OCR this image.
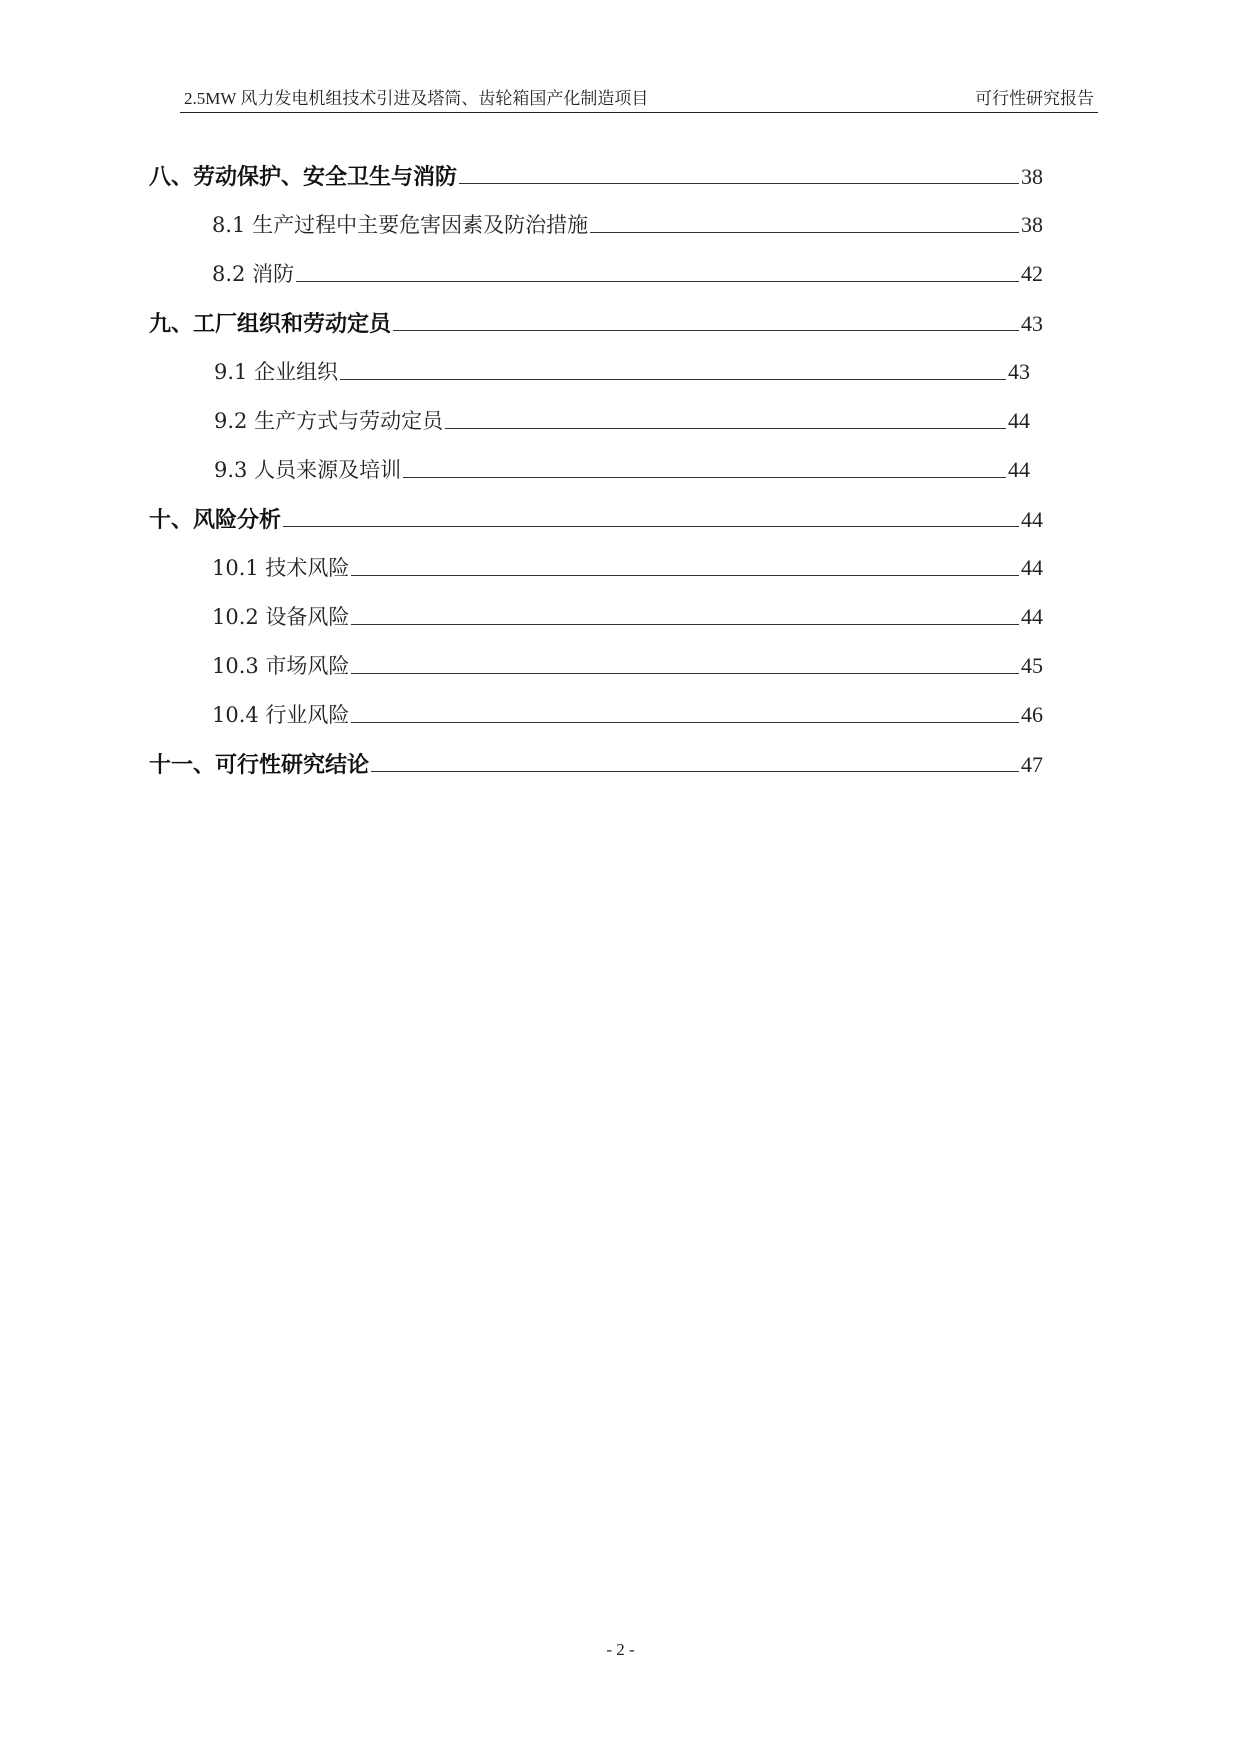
2.5MW 风力发电机组技术引进及塔筒、齿轮箱国产化制造项目	可行性研究报告
八、劳动保护、安全卫生与消防	38
8.1 生产过程中主要危害因素及防治措施	38
8.2 消防	42
九、工厂组织和劳动定员	43
9.1 企业组织	43
9.2 生产方式与劳动定员	44
9.3 人员来源及培训	44
十、风险分析	44
10.1 技术风险	44
10.2 设备风险	44
10.3 市场风险	45
10.4 行业风险	46
十一、可行性研究结论	47
- 2 -
